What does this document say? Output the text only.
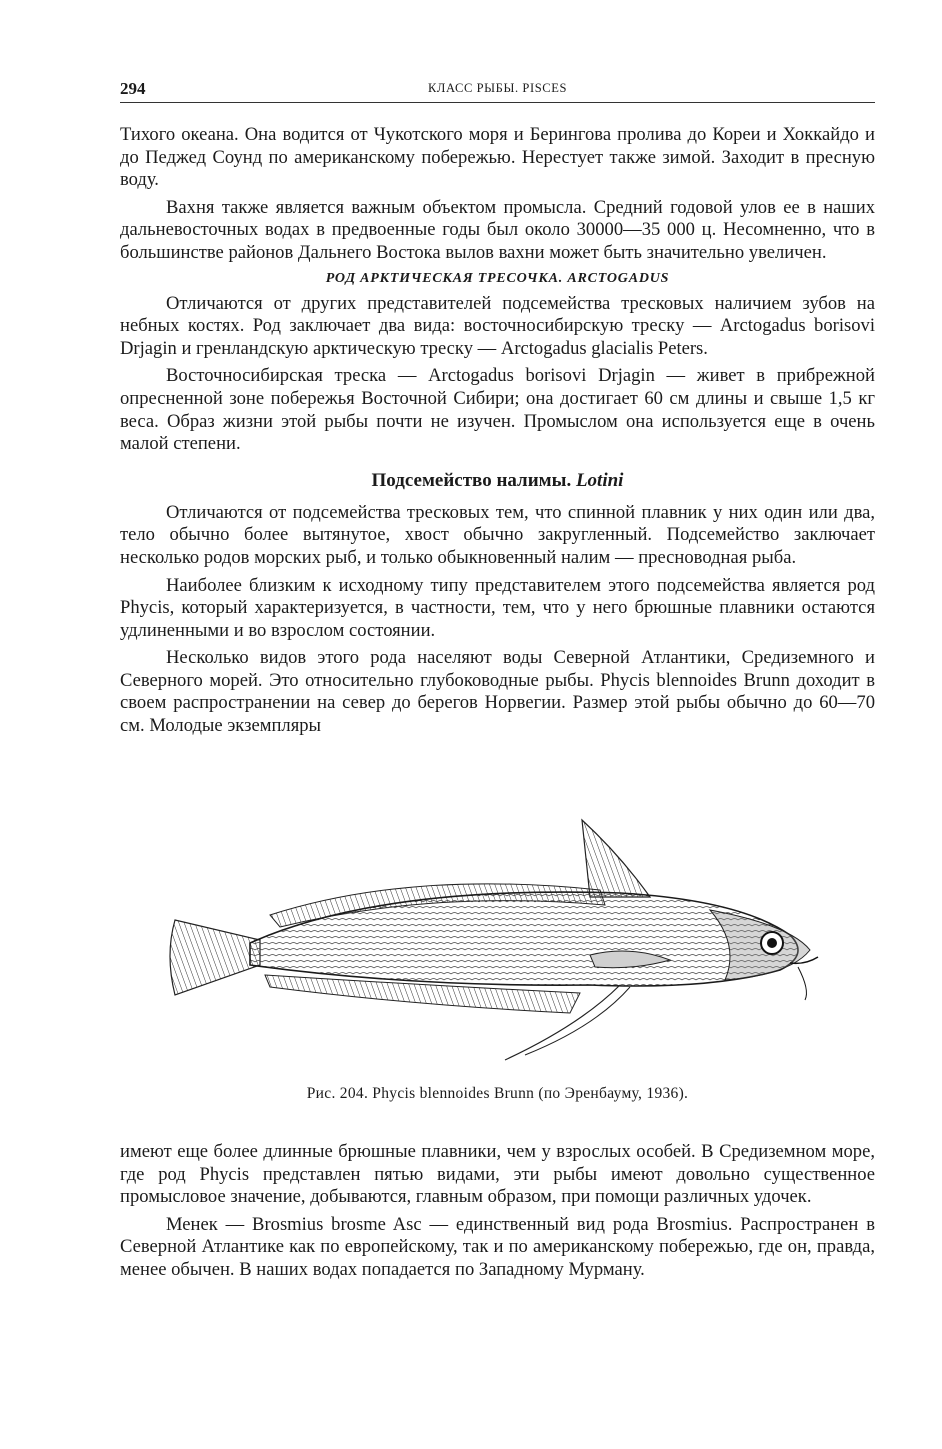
294	КЛАСС РЫБЫ. PISCES

Тихого океана. Она водится от Чукотского моря и Берингова пролива до Кореи и Хоккайдо и до Педжед Соунд по американскому побережью. Нерестует также зимой. Заходит в пресную воду.

Вахня также является важным объектом промысла. Средний годовой улов ее в наших дальневосточных водах в предвоенные годы был около 30000—35 000 ц. Несомненно, что в большинстве районов Дальнего Востока вылов вахни может быть значительно увеличен.

РОД АРКТИЧЕСКАЯ ТРЕСОЧКА. ARCTOGADUS

Отличаются от других представителей подсемейства тресковых наличием зубов на небных костях. Род заключает два вида: восточносибирскую треску — Arctogadus borisovi Drjagin и гренландскую арктическую треску — Arctogadus glacialis Peters.

Восточносибирская треска — Arctogadus borisovi Drjagin — живет в прибрежной опресненной зоне побережья Восточной Сибири; она достигает 60 см длины и свыше 1,5 кг веса. Образ жизни этой рыбы почти не изучен. Промыслом она используется еще в очень малой степени.

Подсемейство налимы. Lotini

Отличаются от подсемейства тресковых тем, что спинной плавник у них один или два, тело обычно более вытянутое, хвост обычно закругленный. Подсемейство заключает несколько родов морских рыб, и только обыкновенный налим — пресноводная рыба.

Наиболее близким к исходному типу представителем этого подсемейства является род Phycis, который характеризуется, в частности, тем, что у него брюшные плавники остаются удлиненными и во взрослом состоянии.

Несколько видов этого рода населяют воды Северной Атлантики, Средиземного и Северного морей. Это относительно глубоководные рыбы. Phycis blennoides Brunn доходит в своем распространении на север до берегов Норвегии. Размер этой рыбы обычно до 60—70 см. Молодые экземпляры

Рис. 204. Phycis blennoides Brunn (по Эренбауму, 1936).

имеют еще более длинные брюшные плавники, чем у взрослых особей. В Средиземном море, где род Phycis представлен пятью видами, эти рыбы имеют довольно существенное промысловое значение, добываются, главным образом, при помощи различных удочек.

Менек — Brosmius brosme Asc — единственный вид рода Brosmius. Распространен в Северной Атлантике как по европейскому, так и по американскому побережью, где он, правда, менее обычен. В наших водах попадается по Западному Мурману.
